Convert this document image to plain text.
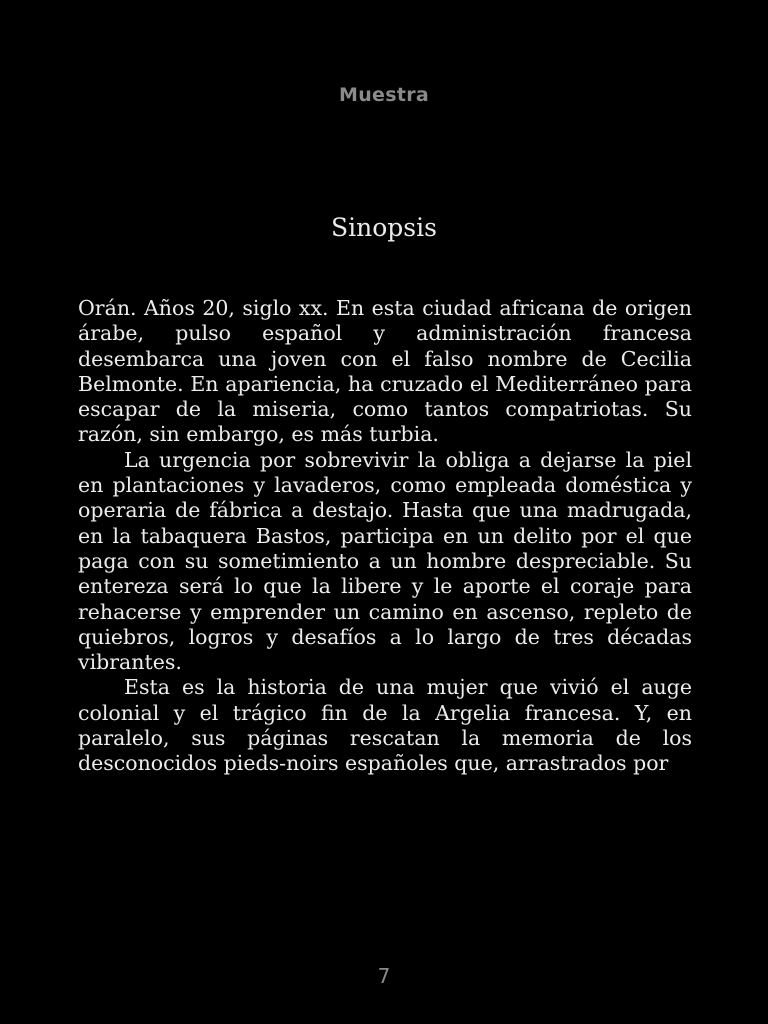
Muestra
Sinopsis

Orán. Años 20, siglo xx. En esta ciudad africana de origen árabe, pulso español y administración francesa desembarca una joven con el falso nombre de Cecilia Belmonte. En apariencia, ha cruzado el Mediterráneo para escapar de la miseria, como tantos compatriotas. Su razón, sin embargo, es más turbia.

La urgencia por sobrevivir la obliga a dejarse la piel en plantaciones y lavaderos, como empleada doméstica y operaria de fábrica a destajo. Hasta que una madrugada, en la tabaquera Bastos, participa en un delito por el que paga con su sometimiento a un hombre despreciable. Su entereza será lo que la libere y le aporte el coraje para rehacerse y emprender un camino en ascenso, repleto de quiebros, logros y desafíos a lo largo de tres décadas vibrantes.

Esta es la historia de una mujer que vivió el auge colonial y el trágico fin de la Argelia francesa. Y, en paralelo, sus páginas rescatan la memoria de los desconocidos pieds-noirs españoles que, arrastrados por

7
